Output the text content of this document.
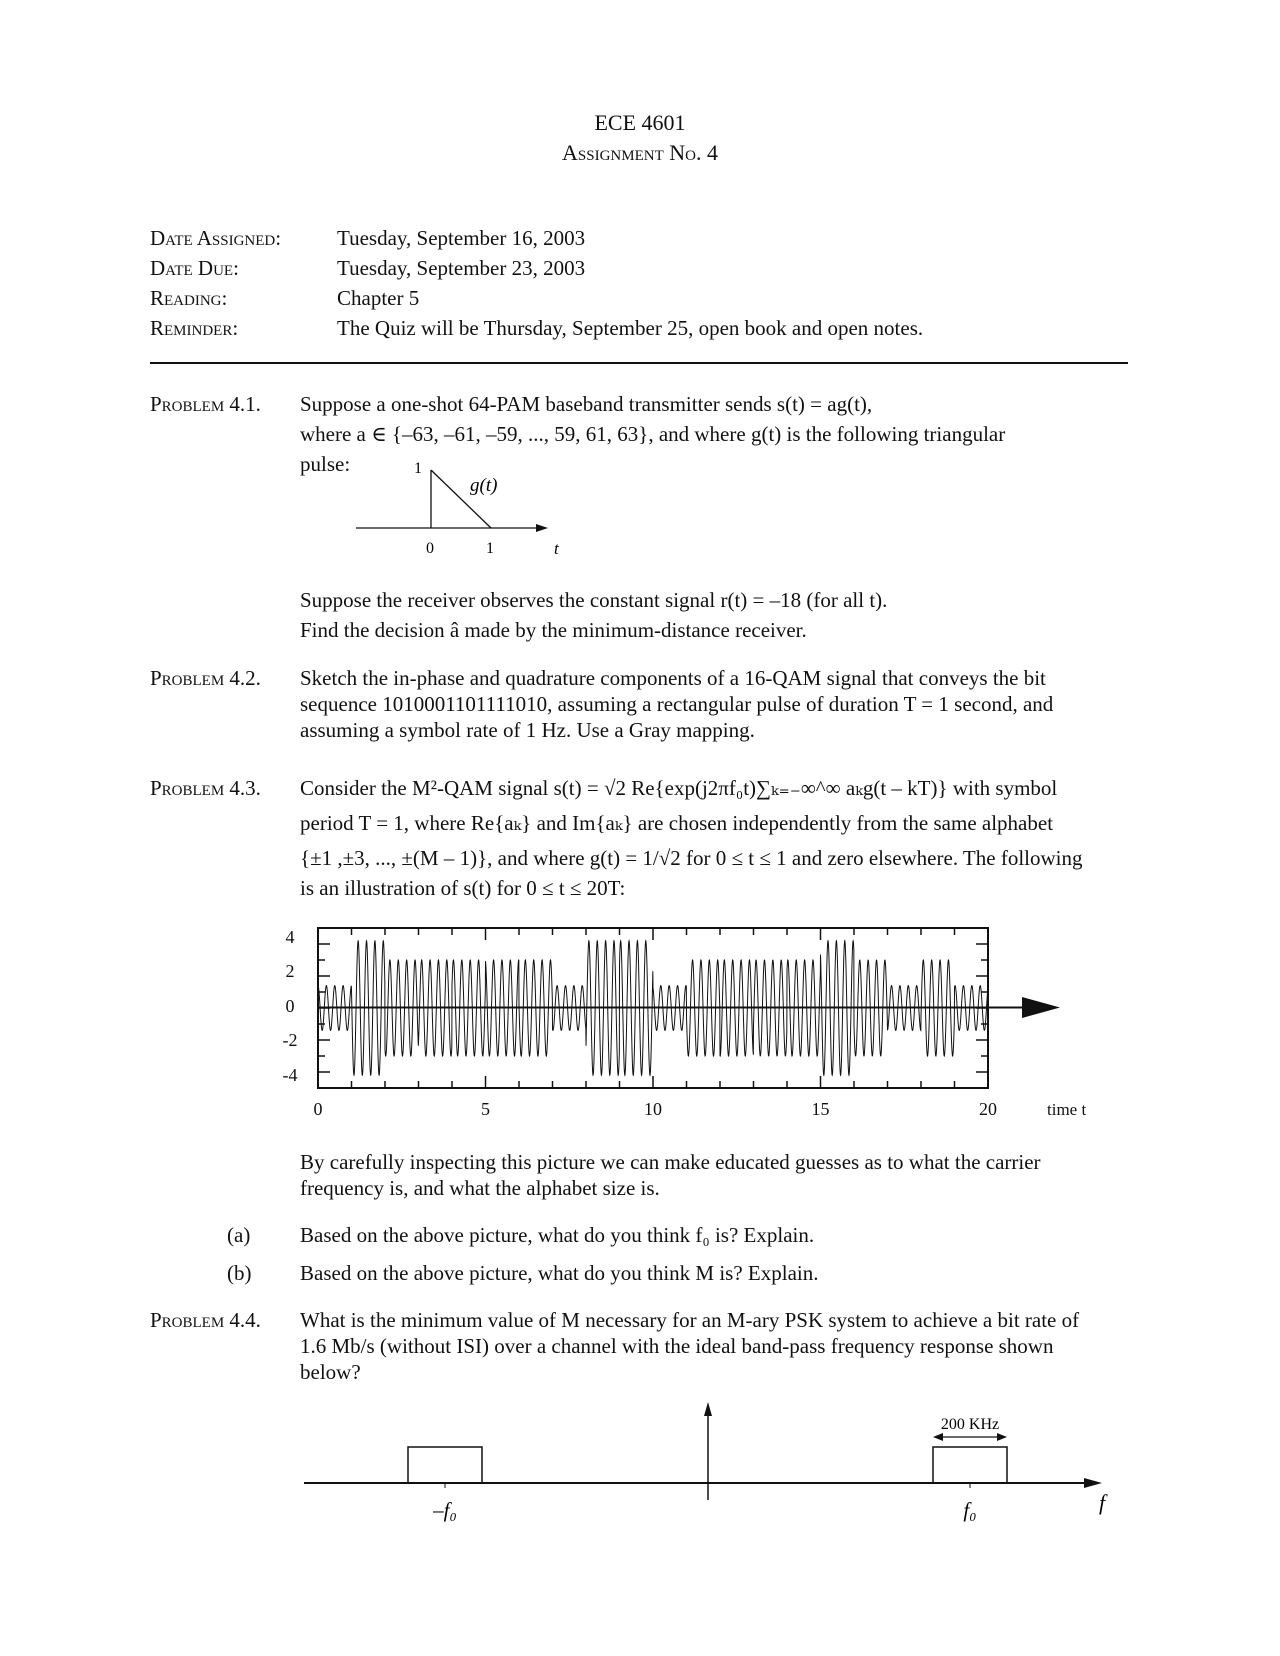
ECE 4601
Assignment No. 4
Date Assigned:	Tuesday, September 16, 2003
Date Due:	Tuesday, September 23, 2003
Reading:	Chapter 5
Reminder:	The Quiz will be Thursday, September 25, open book and open notes.
Problem 4.1. Suppose a one-shot 64-PAM baseband transmitter sends s(t) = ag(t),
where a ∈ {–63, –61, –59, ..., 59, 61, 63}, and where g(t) is the following triangular
pulse:	1
g(t)
0	1	t
Suppose the receiver observes the constant signal r(t) = –18 (for all t).
Find the decision â made by the minimum-distance receiver.
Problem 4.2. Sketch the in-phase and quadrature components of a 16-QAM signal that conveys the bit
sequence 1010001101111010, assuming a rectangular pulse of duration T = 1 second, and
assuming a symbol rate of 1 Hz. Use a Gray mapping.
Problem 4.3. Consider the M²-QAM signal s(t) = √2 Re{exp(j2πf₀t)∑ₖ₌₋∞^∞ aₖg(t – kT)} with symbol
period T = 1, where Re{aₖ} and Im{aₖ} are chosen independently from the same alphabet
{±1 ,±3, ..., ±(M – 1)}, and where g(t) = 1/√2 for 0 ≤ t ≤ 1 and zero elsewhere. The following
is an illustration of s(t) for 0 ≤ t ≤ 20T:
4
2
0
-2
-4
0	5	10	15	20	time t
By carefully inspecting this picture we can make educated guesses as to what the carrier
frequency is, and what the alphabet size is.
(a) Based on the above picture, what do you think f₀ is? Explain.
(b) Based on the above picture, what do you think M is? Explain.
Problem 4.4. What is the minimum value of M necessary for an M-ary PSK system to achieve a bit rate of
1.6 Mb/s (without ISI) over a channel with the ideal band-pass frequency response shown
below?
200 KHz
–f₀	f₀	f
